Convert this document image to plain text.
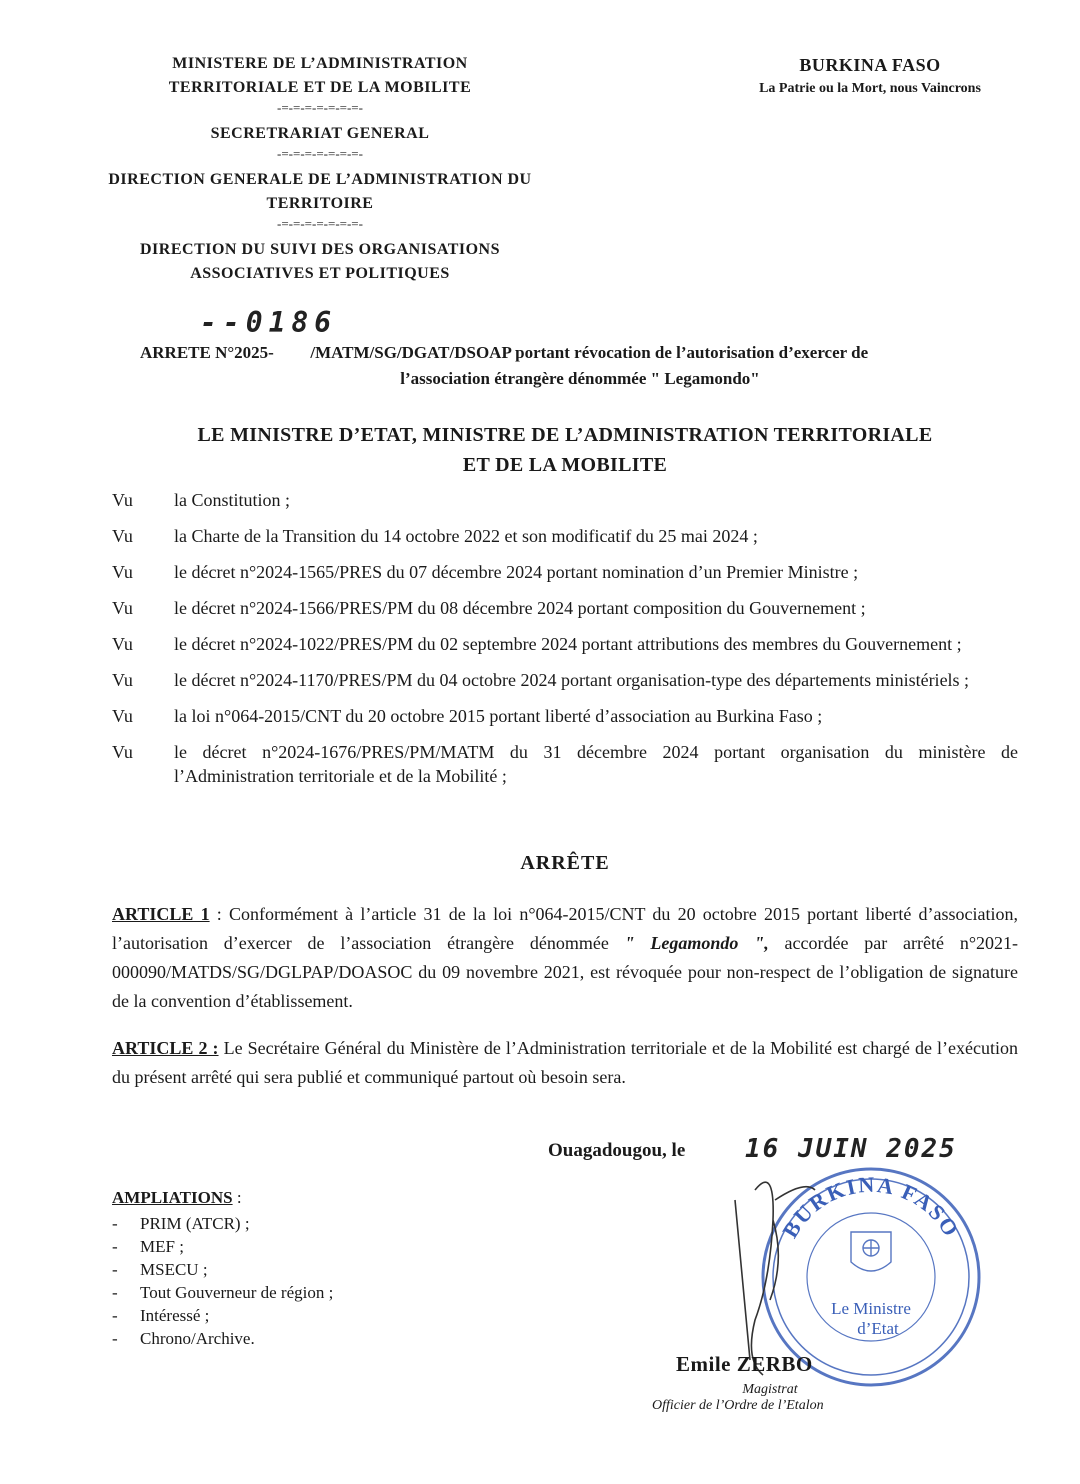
MINISTERE DE L’ADMINISTRATION
TERRITORIALE ET DE LA MOBILITE
-=-=-=-=-=-=-=-
SECRETRARIAT GENERAL
-=-=-=-=-=-=-=-
DIRECTION GENERALE DE L’ADMINISTRATION DU
TERRITOIRE
-=-=-=-=-=-=-=-
DIRECTION DU SUIVI DES ORGANISATIONS
ASSOCIATIVES ET POLITIQUES
BURKINA FASO
La Patrie ou la Mort, nous Vaincrons
--0186
ARRETE N°2025- /MATM/SG/DGAT/DSOAP portant révocation de l’autorisation d’exercer de
l’association étrangère dénommée " Legamondo"
LE MINISTRE D’ETAT, MINISTRE DE L’ADMINISTRATION TERRITORIALE
ET DE LA MOBILITE
Vu	la Constitution ;
Vu	la Charte de la Transition du 14 octobre 2022 et son modificatif du 25 mai 2024 ;
Vu	le décret n°2024-1565/PRES du 07 décembre 2024 portant nomination d’un Premier Ministre ;
Vu	le décret n°2024-1566/PRES/PM du 08 décembre 2024 portant composition du Gouvernement ;
Vu	le décret n°2024-1022/PRES/PM du 02 septembre 2024 portant attributions des membres du Gouvernement ;
Vu	le décret n°2024-1170/PRES/PM du 04 octobre 2024 portant organisation-type des départements ministériels ;
Vu	la loi n°064-2015/CNT du 20 octobre 2015 portant liberté d’association au Burkina Faso ;
Vu	le décret n°2024-1676/PRES/PM/MATM du 31 décembre 2024 portant organisation du ministère de l’Administration territoriale et de la Mobilité ;
ARRÊTE
ARTICLE 1 : Conformément à l’article 31 de la loi n°064-2015/CNT du 20 octobre 2015 portant liberté d’association, l’autorisation d’exercer de l’association étrangère dénommée " Legamondo ", accordée par arrêté n°2021-000090/MATDS/SG/DGLPAP/DOASOC du 09 novembre 2021, est révoquée pour non-respect de l’obligation de signature de la convention d’établissement.
ARTICLE 2 : Le Secrétaire Général du Ministère de l’Administration territoriale et de la Mobilité est chargé de l’exécution du présent arrêté qui sera publié et communiqué partout où besoin sera.
Ouagadougou, le 16 JUIN 2025
AMPLIATIONS :
- PRIM (ATCR) ;
- MEF ;
- MSECU ;
- Tout Gouverneur de région ;
- Intéressé ;
- Chrono/Archive.
BURKINA FASO
Le Ministre
d’Etat
Emile ZERBO
Magistrat
Officier de l’Ordre de l’Etalon
